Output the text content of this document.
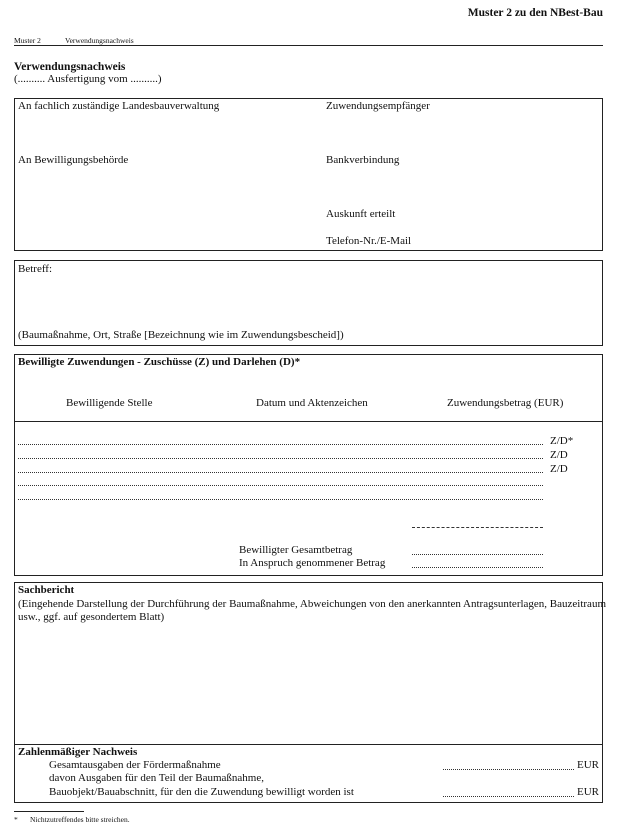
Muster 2 zu den NBest-Bau
Muster 2	Verwendungsnachweis
Verwendungsnachweis
(.......... Ausfertigung vom ..........)
An fachlich zuständige Landesbauverwaltung	Zuwendungsempfänger
An Bewilligungsbehörde	Bankverbindung
Auskunft erteilt
Telefon-Nr./E-Mail
Betreff:
(Baumaßnahme, Ort, Straße [Bezeichnung wie im Zuwendungsbescheid])
Bewilligte Zuwendungen - Zuschüsse (Z) und Darlehen (D)*
Bewilligende Stelle	Datum und Aktenzeichen	Zuwendungsbetrag (EUR)
Z/D*
Z/D
Z/D
Bewilligter Gesamtbetrag
In Anspruch genommener Betrag
Sachbericht
(Eingehende Darstellung der Durchführung der Baumaßnahme, Abweichungen von den anerkannten Antragsunterlagen, Bauzeitraum
usw., ggf. auf gesondertem Blatt)
Zahlenmäßiger Nachweis
Gesamtausgaben der Fördermaßnahme	EUR
davon Ausgaben für den Teil der Baumaßnahme,
Bauobjekt/Bauabschnitt, für den die Zuwendung bewilligt worden ist	EUR
* Nichtzutreffendes bitte streichen.
